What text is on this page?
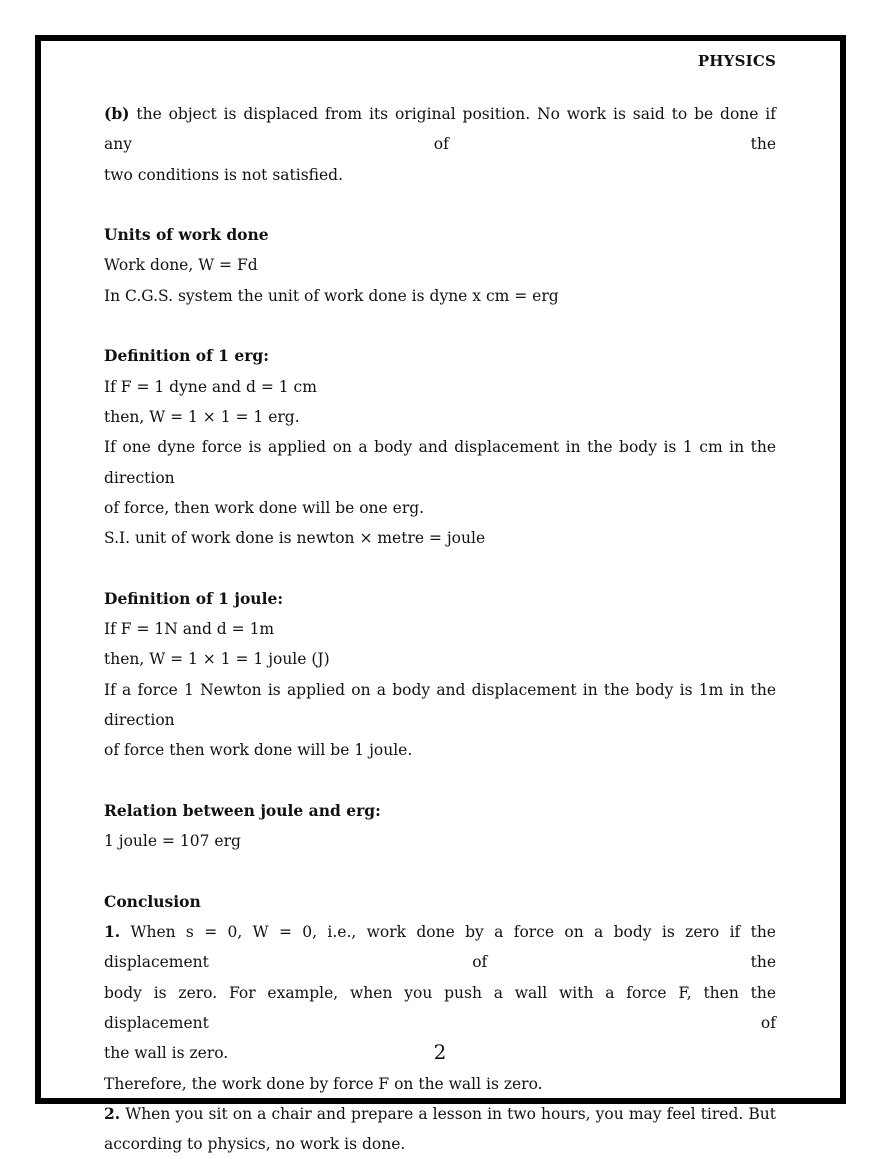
PHYSICS

(b) the object is displaced from its original position. No work is said to be done if any of the

two conditions is not satisfied.

Units of work done

Work done, W = Fd

In C.G.S. system the unit of work done is dyne x cm = erg

Definition of 1 erg:

If F = 1 dyne and d = 1 cm

then, W = 1 × 1 = 1 erg.

If one dyne force is applied on a body and displacement in the body is 1 cm in the direction

of force, then work done will be one erg.

S.I. unit of work done is newton × metre = joule

Definition of 1 joule:

If F = 1N and d = 1m

then, W = 1 × 1 = 1 joule (J)

If a force 1 Newton is applied on a body and displacement in the body is 1m in the direction

of force then work done will be 1 joule.

Relation between joule and erg:

1 joule = 107 erg

Conclusion

1. When s = 0, W = 0, i.e., work done by a force on a body is zero if the displacement of the

body is zero. For example, when you push a wall with a force F, then the displacement of

the wall is zero.

Therefore, the work done by force F on the wall is zero.

2. When you sit on a chair and prepare a lesson in two hours, you may feel tired. But

according to physics, no work is done.

2
